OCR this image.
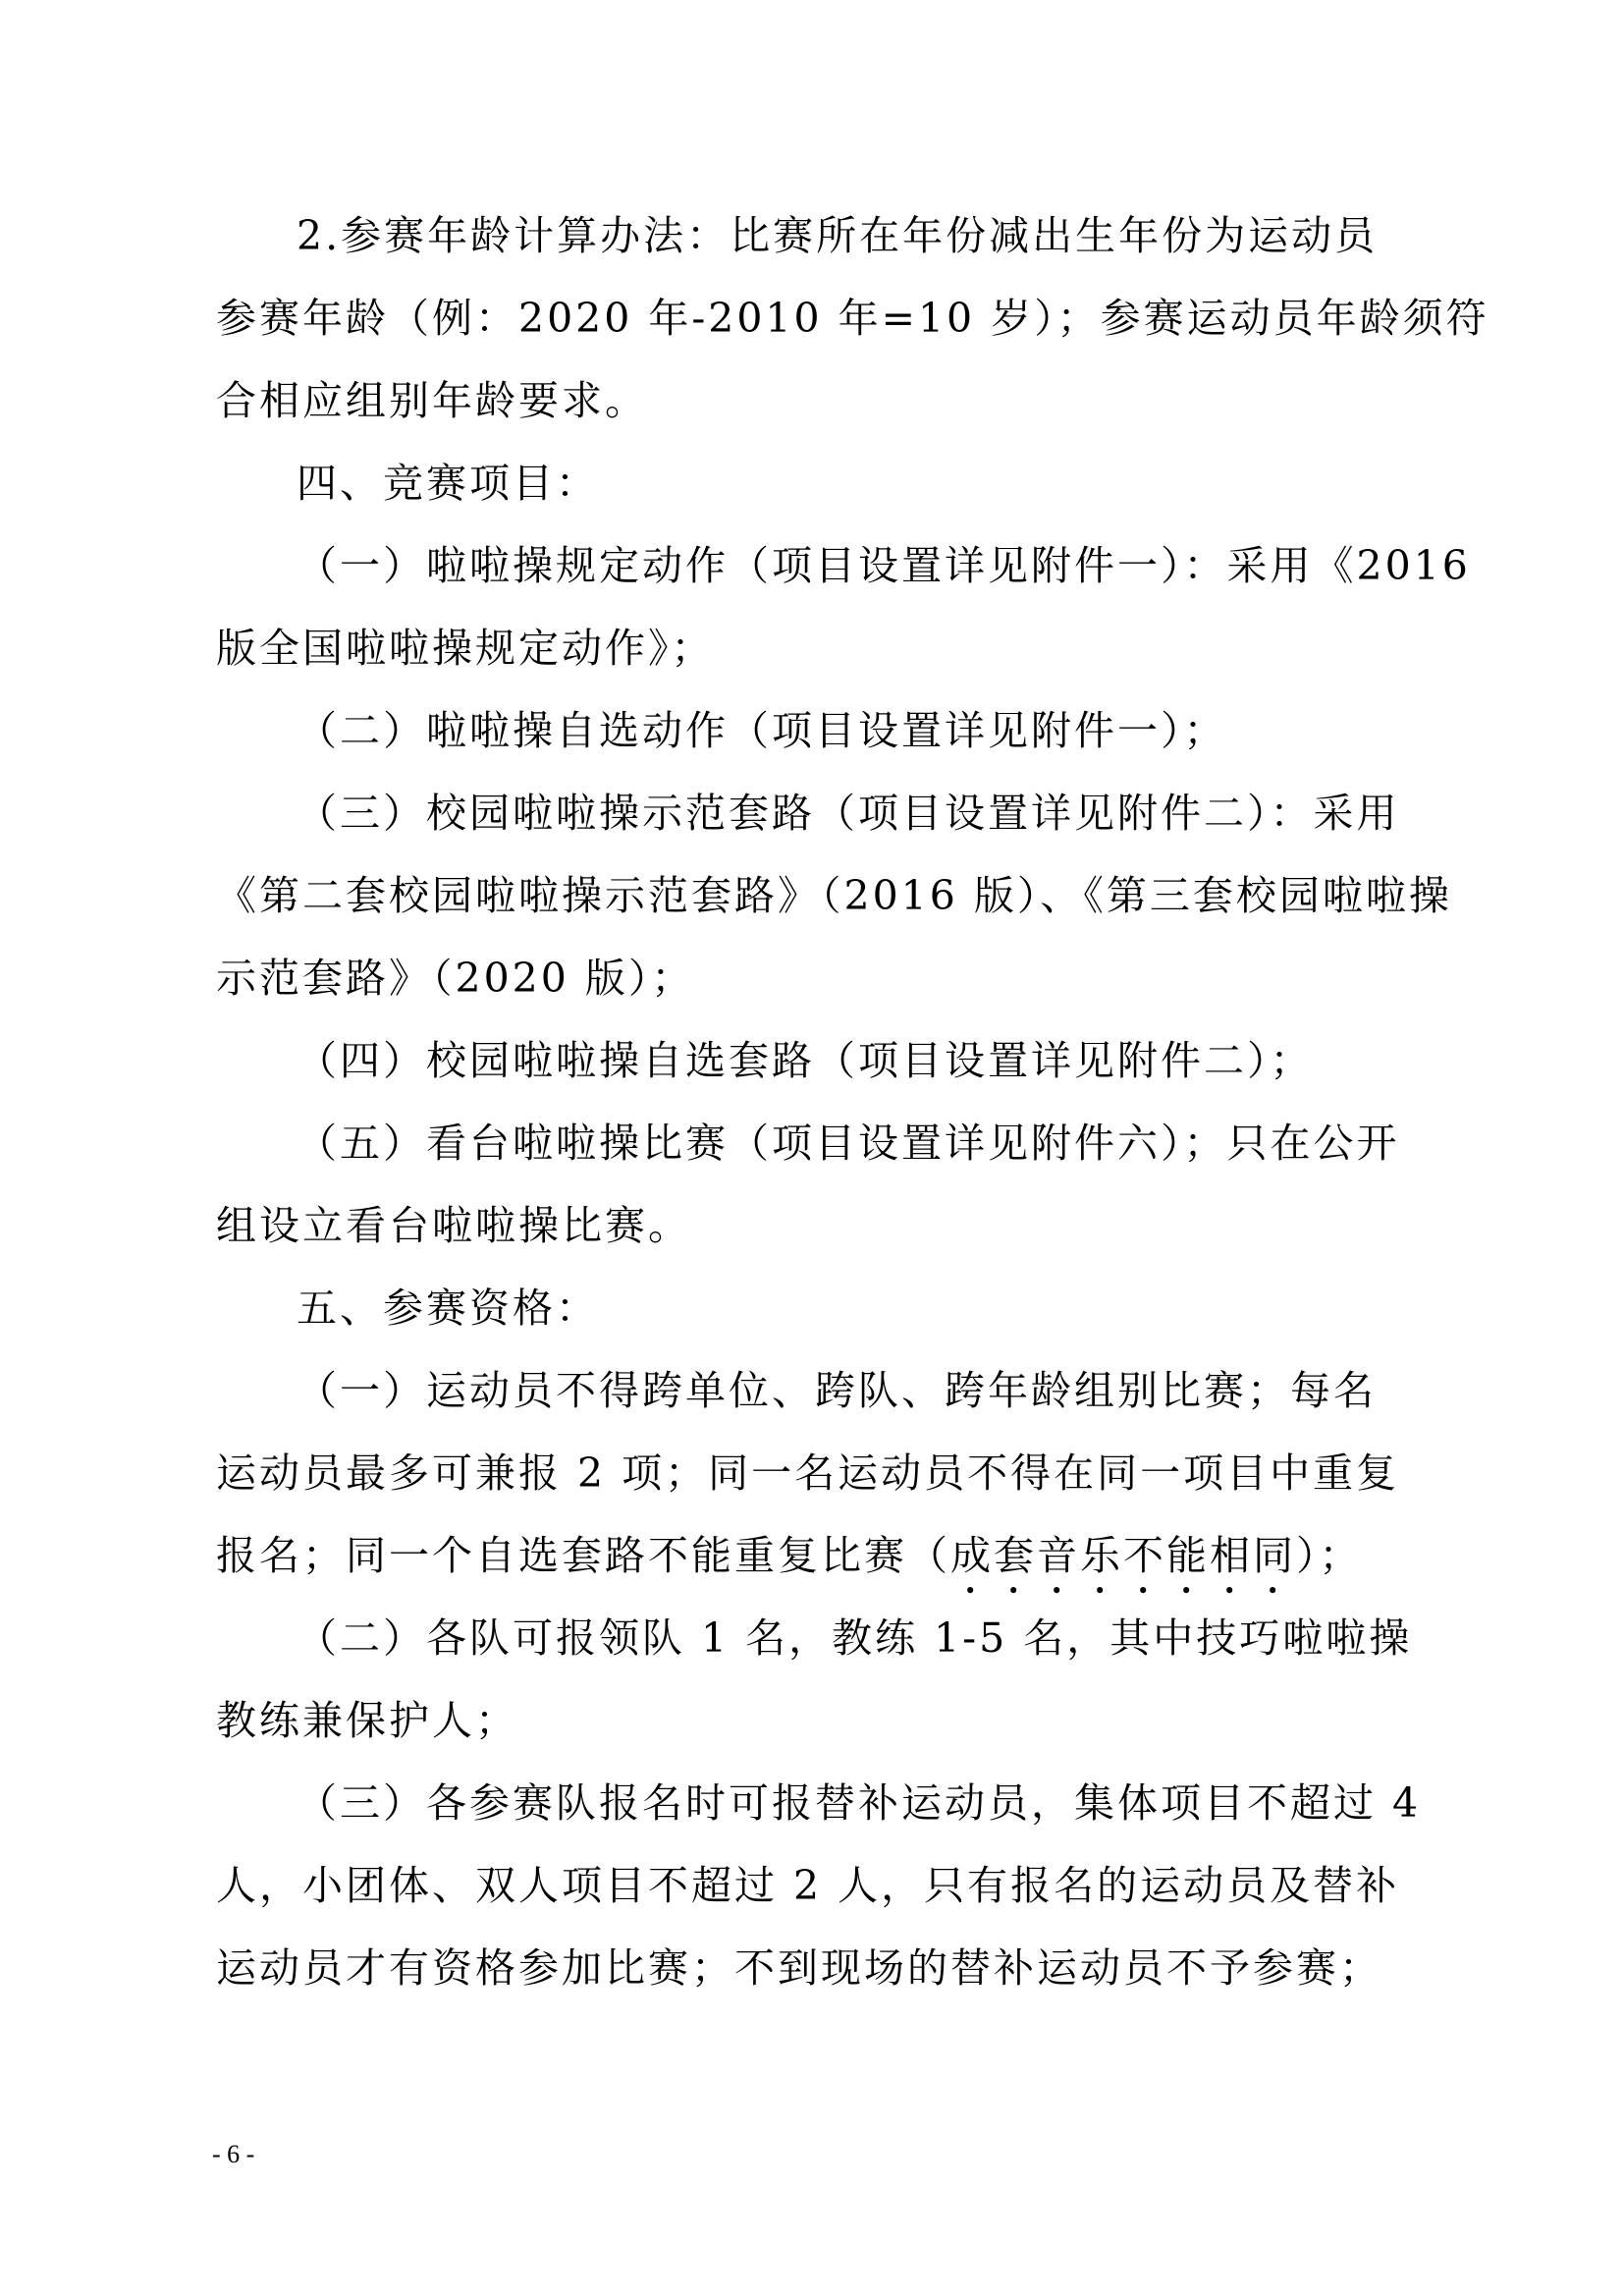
2.参赛年龄计算办法：比赛所在年份减出生年份为运动员
参赛年龄（例：2020 年-2010 年=10 岁）；参赛运动员年龄须符
合相应组别年龄要求。
四、竞赛项目：
（一）啦啦操规定动作（项目设置详见附件一）：采用《2016
版全国啦啦操规定动作》；
（二）啦啦操自选动作（项目设置详见附件一）；
（三）校园啦啦操示范套路（项目设置详见附件二）：采用
《第二套校园啦啦操示范套路》（2016 版）、《第三套校园啦啦操
示范套路》（2020 版）；
（四）校园啦啦操自选套路（项目设置详见附件二）；
（五）看台啦啦操比赛（项目设置详见附件六）；只在公开
组设立看台啦啦操比赛。
五、参赛资格：
（一）运动员不得跨单位、跨队、跨年龄组别比赛；每名
运动员最多可兼报 2 项；同一名运动员不得在同一项目中重复
报名；同一个自选套路不能重复比赛（成套音乐不能相同）；
（二）各队可报领队 1 名，教练 1-5 名，其中技巧啦啦操
教练兼保护人；
（三）各参赛队报名时可报替补运动员，集体项目不超过 4
人，小团体、双人项目不超过 2 人，只有报名的运动员及替补
运动员才有资格参加比赛；不到现场的替补运动员不予参赛；
- 6 -
